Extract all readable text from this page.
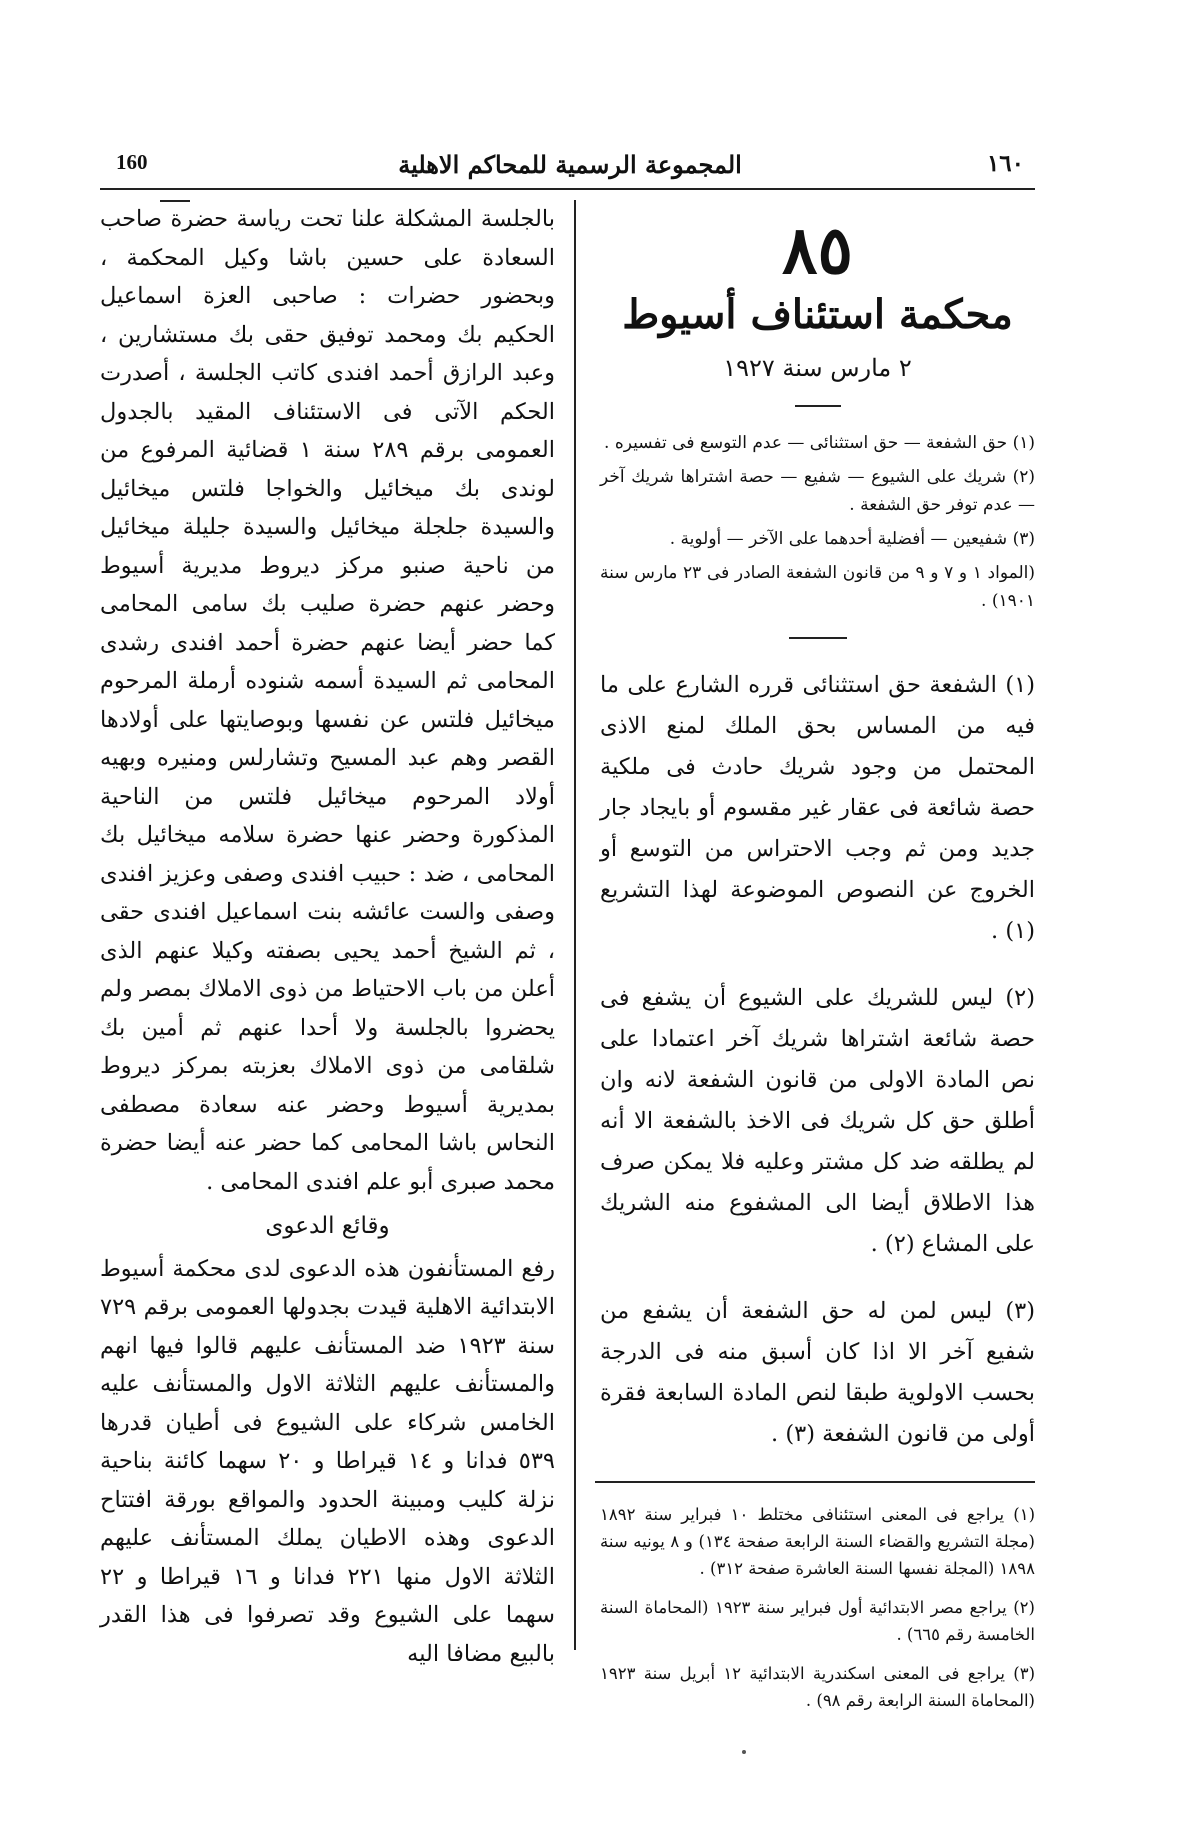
160	المجموعة الرسمية للمحاكم الاهلية	١٦٠
٨٥
محكمة استئناف أسيوط
٢ مارس سنة ١٩٢٧

(١) حق الشفعة — حق استثنائى — عدم التوسع فى تفسيره .

(٢) شريك على الشيوع — شفيع — حصة اشتراها شريك آخر — عدم توفر حق الشفعة .

(٣) شفيعين — أفضلية أحدهما على الآخر — أولوية .

(المواد ١ و ٧ و ٩ من قانون الشفعة الصادر فى ٢٣ مارس سنة ١٩٠١) .

(١) الشفعة حق استثنائى قرره الشارع على ما فيه من المساس بحق الملك لمنع الاذى المحتمل من وجود شريك حادث فى ملكية حصة شائعة فى عقار غير مقسوم أو بايجاد جار جديد ومن ثم وجب الاحتراس من التوسع أو الخروج عن النصوص الموضوعة لهذا التشريع (١) .

(٢) ليس للشريك على الشيوع أن يشفع فى حصة شائعة اشتراها شريك آخر اعتمادا على نص المادة الاولى من قانون الشفعة لانه وان أطلق حق كل شريك فى الاخذ بالشفعة الا أنه لم يطلقه ضد كل مشتر وعليه فلا يمكن صرف هذا الاطلاق أيضا الى المشفوع منه الشريك على المشاع (٢) .

(٣) ليس لمن له حق الشفعة أن يشفع من شفيع آخر الا اذا كان أسبق منه فى الدرجة بحسب الاولوية طبقا لنص المادة السابعة فقرة أولى من قانون الشفعة (٣) .

(١) يراجع فى المعنى استئنافى مختلط ١٠ فبراير سنة ١٨٩٢ (مجلة التشريع والقضاء السنة الرابعة صفحة ١٣٤) و ٨ يونيه سنة ١٨٩٨ (المجلة نفسها السنة العاشرة صفحة ٣١٢) .

(٢) يراجع مصر الابتدائية أول فبراير سنة ١٩٢٣ (المحاماة السنة الخامسة رقم ٦٦٥) .

(٣) يراجع فى المعنى اسكندرية الابتدائية ١٢ أبريل سنة ١٩٢٣ (المحاماة السنة الرابعة رقم ٩٨) .

بالجلسة المشكلة علنا تحت رياسة حضرة صاحب السعادة على حسين باشا وكيل المحكمة ، وبحضور حضرات : صاحبى العزة اسماعيل الحكيم بك ومحمد توفيق حقى بك مستشارين ، وعبد الرازق أحمد افندى كاتب الجلسة ، أصدرت الحكم الآتى فى الاستئناف المقيد بالجدول العمومى برقم ٢٨٩ سنة ١ قضائية المرفوع من لوندى بك ميخائيل والخواجا فلتس ميخائيل والسيدة جلجلة ميخائيل والسيدة جليلة ميخائيل من ناحية صنبو مركز ديروط مديرية أسيوط وحضر عنهم حضرة صليب بك سامى المحامى كما حضر أيضا عنهم حضرة أحمد افندى رشدى المحامى ثم السيدة أسمه شنوده أرملة المرحوم ميخائيل فلتس عن نفسها وبوصايتها على أولادها القصر وهم عبد المسيح وتشارلس ومنيره وبهيه أولاد المرحوم ميخائيل فلتس من الناحية المذكورة وحضر عنها حضرة سلامه ميخائيل بك المحامى ، ضد : حبيب افندى وصفى وعزيز افندى وصفى والست عائشه بنت اسماعيل افندى حقى ، ثم الشيخ أحمد يحيى بصفته وكيلا عنهم الذى أعلن من باب الاحتياط من ذوى الاملاك بمصر ولم يحضروا بالجلسة ولا أحدا عنهم ثم أمين بك شلقامى من ذوى الاملاك بعزبته بمركز ديروط بمديرية أسيوط وحضر عنه سعادة مصطفى النحاس باشا المحامى كما حضر عنه أيضا حضرة محمد صبرى أبو علم افندى المحامى .

وقائع الدعوى

رفع المستأنفون هذه الدعوى لدى محكمة أسيوط الابتدائية الاهلية قيدت بجدولها العمومى برقم ٧٢٩ سنة ١٩٢٣ ضد المستأنف عليهم قالوا فيها انهم والمستأنف عليهم الثلاثة الاول والمستأنف عليه الخامس شركاء على الشيوع فى أطيان قدرها ٥٣٩ فدانا و ١٤ قيراطا و ٢٠ سهما كائنة بناحية نزلة كليب ومبينة الحدود والمواقع بورقة افتتاح الدعوى وهذه الاطيان يملك المستأنف عليهم الثلاثة الاول منها ٢٢١ فدانا و ١٦ قيراطا و ٢٢ سهما على الشيوع وقد تصرفوا فى هذا القدر بالبيع مضافا اليه
